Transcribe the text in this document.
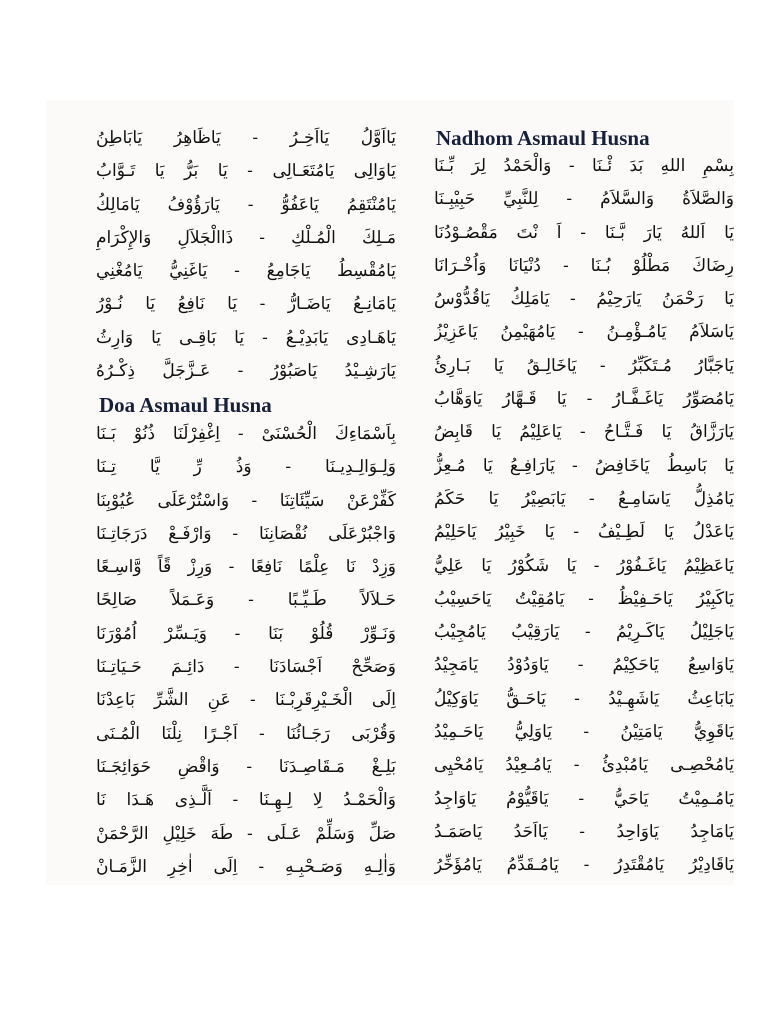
يَااَوَّلُ يَااَخِـرُ - يَاظَاهِرُ يَابَاطِنُ
يَاوَالِى يَامُتَعَـالِى - يَا بَرُّ يَا تَـوَّابُ
يَامُنْتَقِمُ يَاعَفُوُّ - يَارَؤُوْفُ يَامَالِكُ
مَـلِكَ الْمُـلْكِ - ذَاالْجَلاَلِ وَالإِكْرَامِ
يَامُقْسِطُ يَاجَامِعُ - يَاغَنِيُّ يَامُغْنِي
يَامَانِـعُ يَاضَـارُّ - يَا نَافِعُ يَا نُـوْرُ
يَاهَـادِى يَابَدِيْـعُ - يَا بَاقِـى يَا وَارِثُ
يَارَشِـيْدُ يَاصَبُوْرُ - عَـزَّجَلَّ ذِكْـرُهُ
Doa Asmaul Husna
بِاَسْمَاءِكَ الْحُسْنَىْ - اِغْفِرْلَنَا ذُنُوْ بَـنَا
وَلِـوَالِـدِيـنَا - وَذُ رِّ يَّا تِـنَا
كَفِّرْعَنْ سَيِّئَاتِنَا - وَاسْتُرْعَلَى عُيُوْبِنَا
وَاجْبُرْعَلَى نُقْصَانِنَا - وَارْفَـعْ دَرَجَاتِـنَا
وَزِدْ نَا عِلْمًا نَافِعًا - وَرِزْ قًاً وَّاسِـعًا
حَـلاَلاً طَـيِّـبًا - وَعَـمَلاً صَالِحًا
وَنَـوِّرْ قُلُوْ بَنَا - وَيَـسِّرْ اُمُوْرَنَا
وَصَحِّحْ اَجْسَادَنَا - دَائِـمَ حَـيَاتِـنَا
اِلَى الْخَـيْرِقَرِبْـنَا - عَنِ الشَّرِّ بَاعِدْنَا
وَقُرْبَى رَجَـائُنَا - اَجْـرًا نِلْنَا الْمُـنَى
بَلِـغْ مَـقَاصِـدَنَا - وَاقْضِ حَوَائِجَـنَا
وَالْحَمْـدُ لِا لِـهِـنَا - اَلَّـذِى هَـدَا نَا
صَلِّ وَسَلِّمْ عَـلَى - طَهَ خَلِيْلِ الرَّحْمَنْ
وَاٰلِـهِ وَصَـحْبِـهِ - اِلَى اٰخِرِ الزَّمَـانْ
Nadhom Asmaul Husna
بِسْمِ اللهِ بَدَ ئْـنَا - وَالْحَمْدُ لِرَ بِّـنَا
وَالصَّلاَةُ وَالسَّلاَمُ - لِلنَّبِيِّ حَبِيْبِـنَا
يَا اَللهُ يَارَ بَّـنَا - اَ نْتَ مَقْصُـوْدُنَا
رِضَاكَ مَطْلُوْ بُـنَا - دُنْيَانَا وَاُخْـرَانَا
يَا رَحْمَنُ يَارَحِيْمُ - يَامَلِكُ يَاقُدُّوْسُ
يَاسَلاَمُ يَامُـؤْمِـنُ - يَامُهَيْمِنُ يَاعَزِيْزُ
يَاجَبَّارُ مُـتَكَبِّرُ - يَاخَالِـقُ يَا بَـارِئُ
يَامُصَوِّرُ يَاغَـفَّـارُ - يَا قَـهَّارُ يَاوَهَّابُ
يَارَزَّاقُ يَا فَـتَّـاحُ - يَاعَلِيْمُ يَا قَابِضُ
يَا بَاسِطُ يَاخَافِضُ - يَارَافِـعُ يَا مُـعِزُّ
يَامُذِلُّ يَاسَامِـعُ - يَابَصِيْرُ يَا حَكَمُ
يَاعَدْلُ يَا لَطِـيْفُ - يَا خَبِيْرُ يَاحَلِيْمُ
يَاعَظِيْمُ يَاغَـفُوْرُ - يَا شَكُوْرُ يَا عَلِيُّ
يَاكَبِيْرُ يَاحَـفِيْظُ - يَامُقِيْتُ يَاحَسِيْبُ
يَاجَلِيْلُ يَاكَـرِيْمُ - يَارَقِيْبُ يَامُجِيْبُ
يَاوَاسِعُ يَاحَكِيْمُ - يَاوَدُوْدُ يَامَجِيْدُ
يَابَاعِثُ يَاشَهِـيْدُ - يَاحَـقُّ يَاوَكِيْلُ
يَاقَوِيُّ يَامَتِيْنُ - يَاوَلِيُّ يَاحَـمِيْدُ
يَامُحْصِـى يَامُبْدِئُ - يَامُـعِيْدُ يَامُحْيِى
يَامُـمِيْتُ يَاحَيُّ - يَاقَيُّوْمُ يَاوَاجِدُ
يَامَاجِدُ يَاوَاحِدُ - يَااَحَدُ يَاصَمَـدُ
يَاقَادِيْرُ يَامُقْتَدِرُ - يَامُـقَدِّمُ يَامُؤَخِّرُ
